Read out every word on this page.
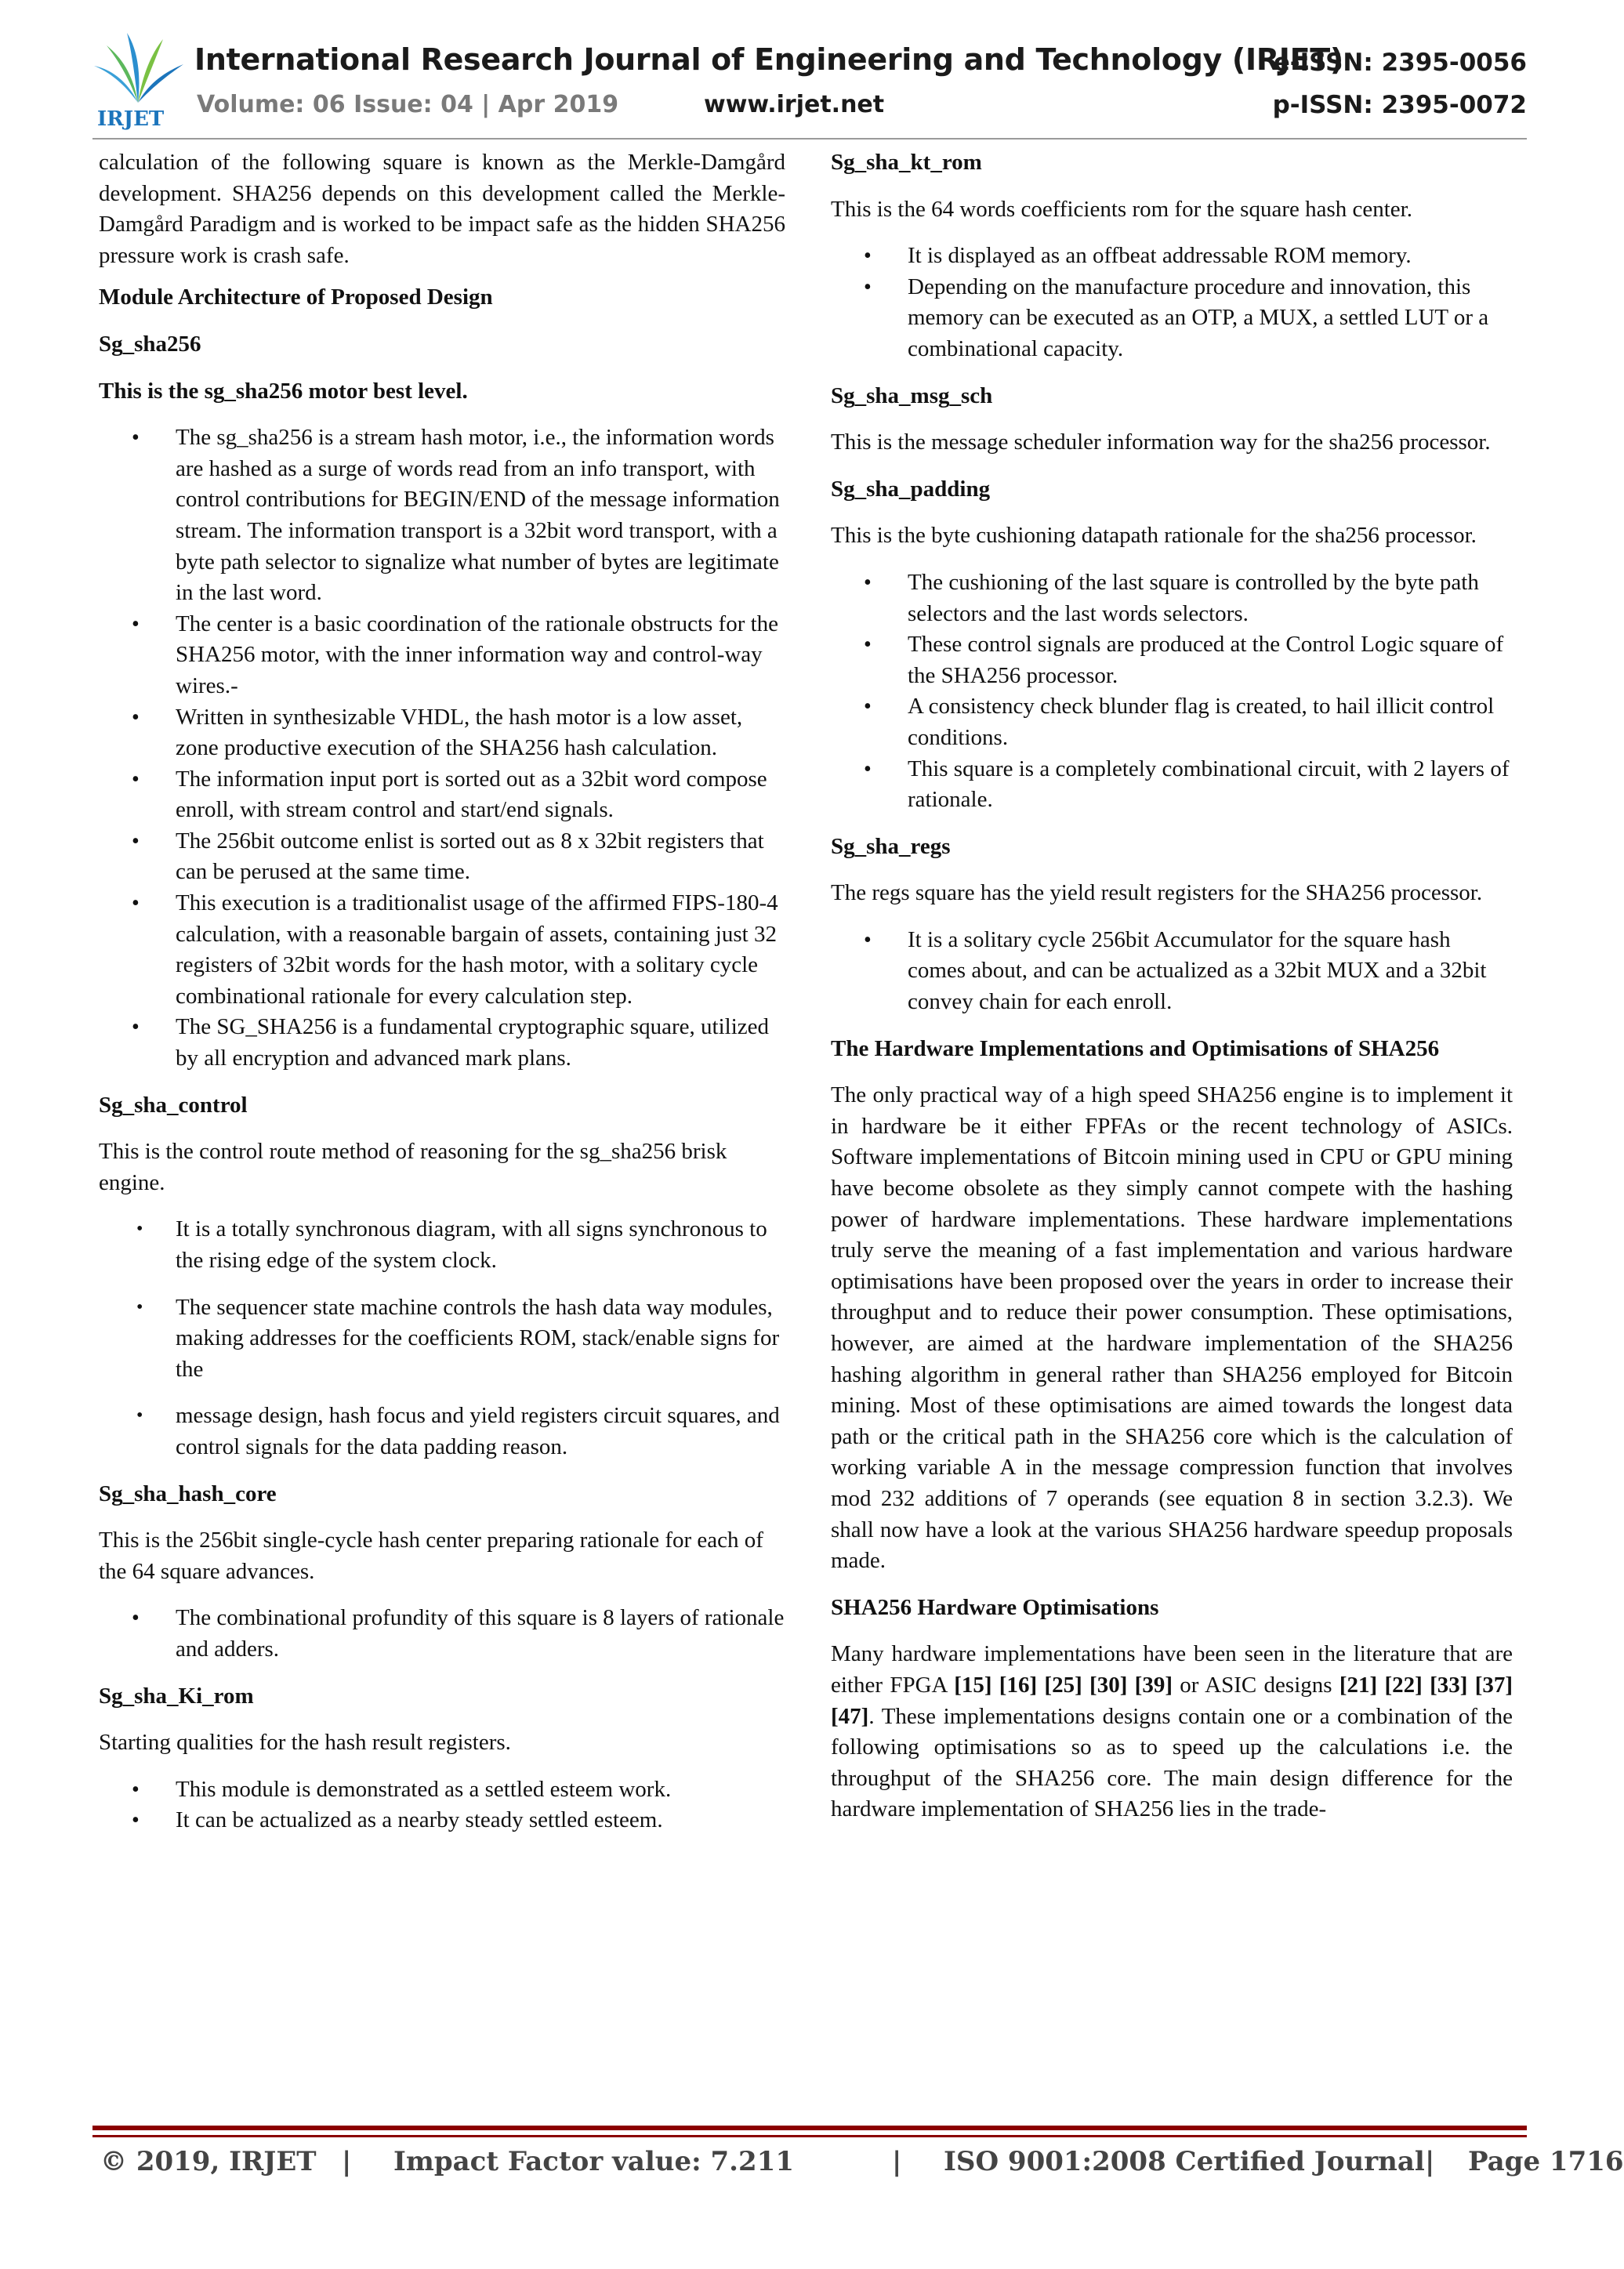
IRJET
International Research Journal of Engineering and Technology (IRJET)
e-ISSN: 2395-0056
Volume: 06 Issue: 04 | Apr 2019	www.irjet.net	p-ISSN: 2395-0072

calculation of the following square is known as the Merkle-Damgård development. SHA256 depends on this development called the Merkle-Damgård Paradigm and is worked to be impact safe as the hidden SHA256 pressure work is crash safe.

Module Architecture of Proposed Design
Sg_sha256
This is the sg_sha256 motor best level.
• The sg_sha256 is a stream hash motor, i.e., the information words are hashed as a surge of words read from an info transport, with control contributions for BEGIN/END of the message information stream. The information transport is a 32bit word transport, with a byte path selector to signalize what number of bytes are legitimate in the last word.
• The center is a basic coordination of the rationale obstructs for the SHA256 motor, with the inner information way and control-way wires.-
• Written in synthesizable VHDL, the hash motor is a low asset, zone productive execution of the SHA256 hash calculation.
• The information input port is sorted out as a 32bit word compose enroll, with stream control and start/end signals.
• The 256bit outcome enlist is sorted out as 8 x 32bit registers that can be perused at the same time.
• This execution is a traditionalist usage of the affirmed FIPS-180-4 calculation, with a reasonable bargain of assets, containing just 32 registers of 32bit words for the hash motor, with a solitary cycle combinational rationale for every calculation step.
• The SG_SHA256 is a fundamental cryptographic square, utilized by all encryption and advanced mark plans.
Sg_sha_control

This is the control route method of reasoning for the sg_sha256 brisk engine.

• It is a totally synchronous diagram, with all signs synchronous to the rising edge of the system clock.
• The sequencer state machine controls the hash data way modules, making addresses for the coefficients ROM, stack/enable signs for the
• message design, hash focus and yield registers circuit squares, and control signals for the data padding reason.
Sg_sha_hash_core

This is the 256bit single-cycle hash center preparing rationale for each of the 64 square advances.

• The combinational profundity of this square is 8 layers of rationale and adders.
Sg_sha_Ki_rom

Starting qualities for the hash result registers.

• This module is demonstrated as a settled esteem work.
• It can be actualized as a nearby steady settled esteem.
Sg_sha_kt_rom

This is the 64 words coefficients rom for the square hash center.

• It is displayed as an offbeat addressable ROM memory.
• Depending on the manufacture procedure and innovation, this memory can be executed as an OTP, a MUX, a settled LUT or a combinational capacity.
Sg_sha_msg_sch

This is the message scheduler information way for the sha256 processor.

Sg_sha_padding

This is the byte cushioning datapath rationale for the sha256 processor.

• The cushioning of the last square is controlled by the byte path selectors and the last words selectors.
• These control signals are produced at the Control Logic square of the SHA256 processor.
• A consistency check blunder flag is created, to hail illicit control conditions.
• This square is a completely combinational circuit, with 2 layers of rationale.
Sg_sha_regs

The regs square has the yield result registers for the SHA256 processor.

• It is a solitary cycle 256bit Accumulator for the square hash comes about, and can be actualized as a 32bit MUX and a 32bit convey chain for each enroll.
The Hardware Implementations and Optimisations of SHA256

The only practical way of a high speed SHA256 engine is to implement it in hardware be it either FPFAs or the recent technology of ASICs. Software implementations of Bitcoin mining used in CPU or GPU mining have become obsolete as they simply cannot compete with the hashing power of hardware implementations. These hardware implementations truly serve the meaning of a fast implementation and various hardware optimisations have been proposed over the years in order to increase their throughput and to reduce their power consumption. These optimisations, however, are aimed at the hardware implementation of the SHA256 hashing algorithm in general rather than SHA256 employed for Bitcoin mining. Most of these optimisations are aimed towards the longest data path or the critical path in the SHA256 core which is the calculation of working variable A in the message compression function that involves mod 232 additions of 7 operands (see equation 8 in section 3.2.3). We shall now have a look at the various SHA256 hardware speedup proposals made.

SHA256 Hardware Optimisations

Many hardware implementations have been seen in the literature that are either FPGA [15] [16] [25] [30] [39] or ASIC designs [21] [22] [33] [37] [47]. These implementations designs contain one or a combination of the following optimisations so as to speed up the calculations i.e. the throughput of the SHA256 core. The main design difference for the hardware implementation of SHA256 lies in the trade-

© 2019, IRJET | Impact Factor value: 7.211	| ISO 9001:2008 Certified Journal | Page 1716
